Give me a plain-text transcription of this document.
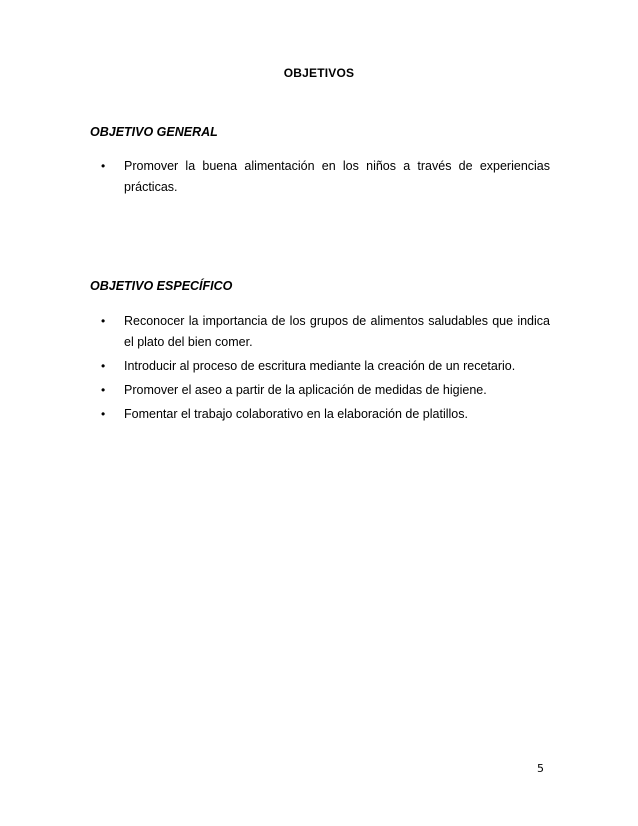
OBJETIVOS
OBJETIVO GENERAL
• Promover la buena alimentación en los niños a través de experiencias prácticas.
OBJETIVO ESPECÍFICO
• Reconocer la importancia de los grupos de alimentos saludables que indica el plato del bien comer.
• Introducir al proceso de escritura mediante la creación de un recetario.
• Promover el aseo a partir de la aplicación de medidas de higiene.
• Fomentar el trabajo colaborativo en la elaboración de platillos.
5
